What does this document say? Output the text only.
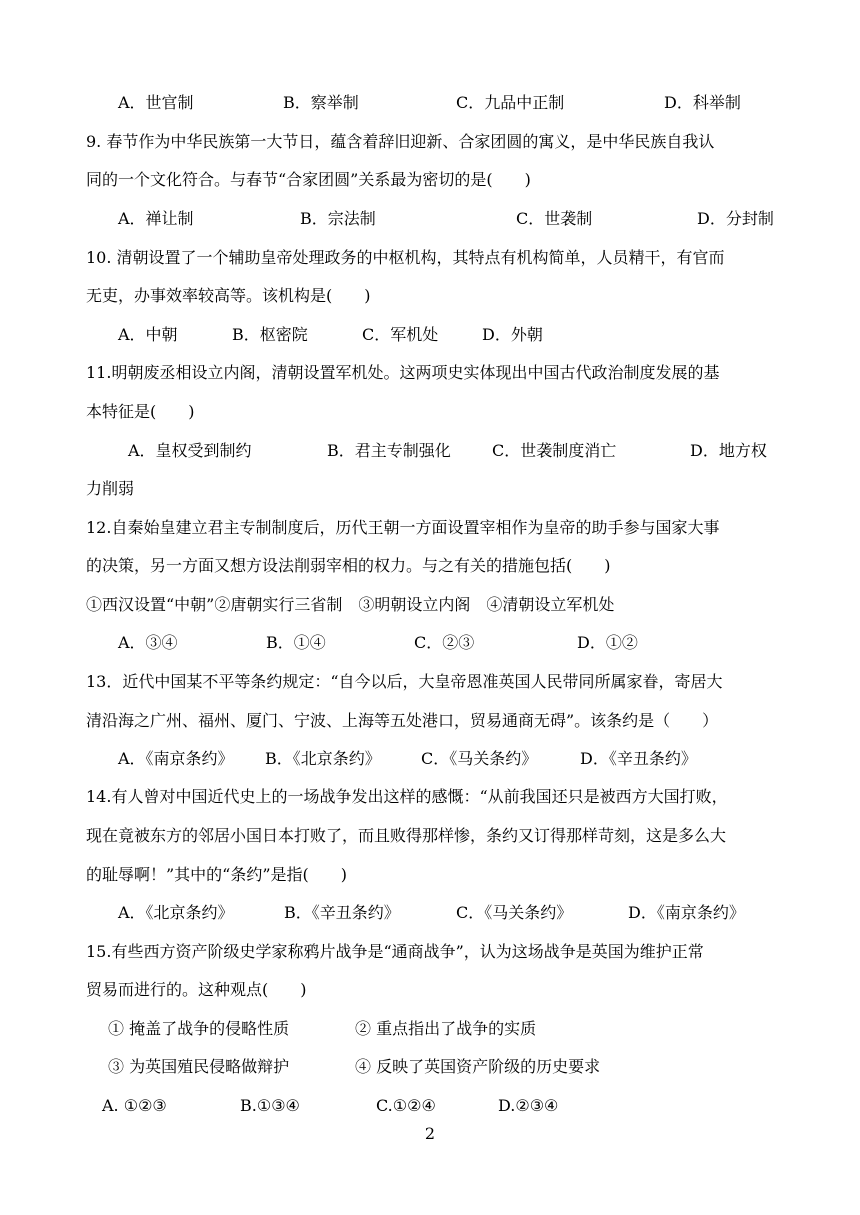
A．世官制	B．察举制	C．九品中正制	D．科举制
9. 春节作为中华民族第一大节日，蕴含着辞旧迎新、合家团圆的寓义，是中华民族自我认
同的一个文化符合。与春节“合家团圆”关系最为密切的是(　　)
A．禅让制	B．宗法制	C．世袭制	D．分封制
10. 清朝设置了一个辅助皇帝处理政务的中枢机构，其特点有机构简单，人员精干，有官而
无吏，办事效率较高等。该机构是(　　)
A．中朝	B．枢密院	C．军机处	D．外朝
11.明朝废丞相设立内阁，清朝设置军机处。这两项史实体现出中国古代政治制度发展的基
本特征是(　　)
A．皇权受到制约	B．君主专制强化	C．世袭制度消亡	D．地方权
力削弱
12.自秦始皇建立君主专制制度后，历代王朝一方面设置宰相作为皇帝的助手参与国家大事
的决策，另一方面又想方设法削弱宰相的权力。与之有关的措施包括(　　)
①西汉设置“中朝”②唐朝实行三省制　③明朝设立内阁　④清朝设立军机处
A．③④	B．①④	C．②③	D．①②
13．近代中国某不平等条约规定：“自今以后，大皇帝恩准英国人民带同所属家眷，寄居大
清沿海之广州、福州、厦门、宁波、上海等五处港口，贸易通商无碍”。该条约是（　　）
A．《南京条约》 B．《北京条约》	C．《马关条约》	D．《辛丑条约》
14.有人曾对中国近代史上的一场战争发出这样的感慨：“从前我国还只是被西方大国打败，
现在竟被东方的邻居小国日本打败了，而且败得那样惨，条约又订得那样苛刻，这是多么大
的耻辱啊！”其中的“条约”是指(　　)
A．《北京条约》	B．《辛丑条约》	C．《马关条约》	D．《南京条约》
15.有些西方资产阶级史学家称鸦片战争是“通商战争”，认为这场战争是英国为维护正常
贸易而进行的。这种观点(　　)
① 掩盖了战争的侵略性质	② 重点指出了战争的实质
③ 为英国殖民侵略做辩护	④ 反映了英国资产阶级的历史要求
A. ①②③	B.①③④	C.①②④	D.②③④
2
